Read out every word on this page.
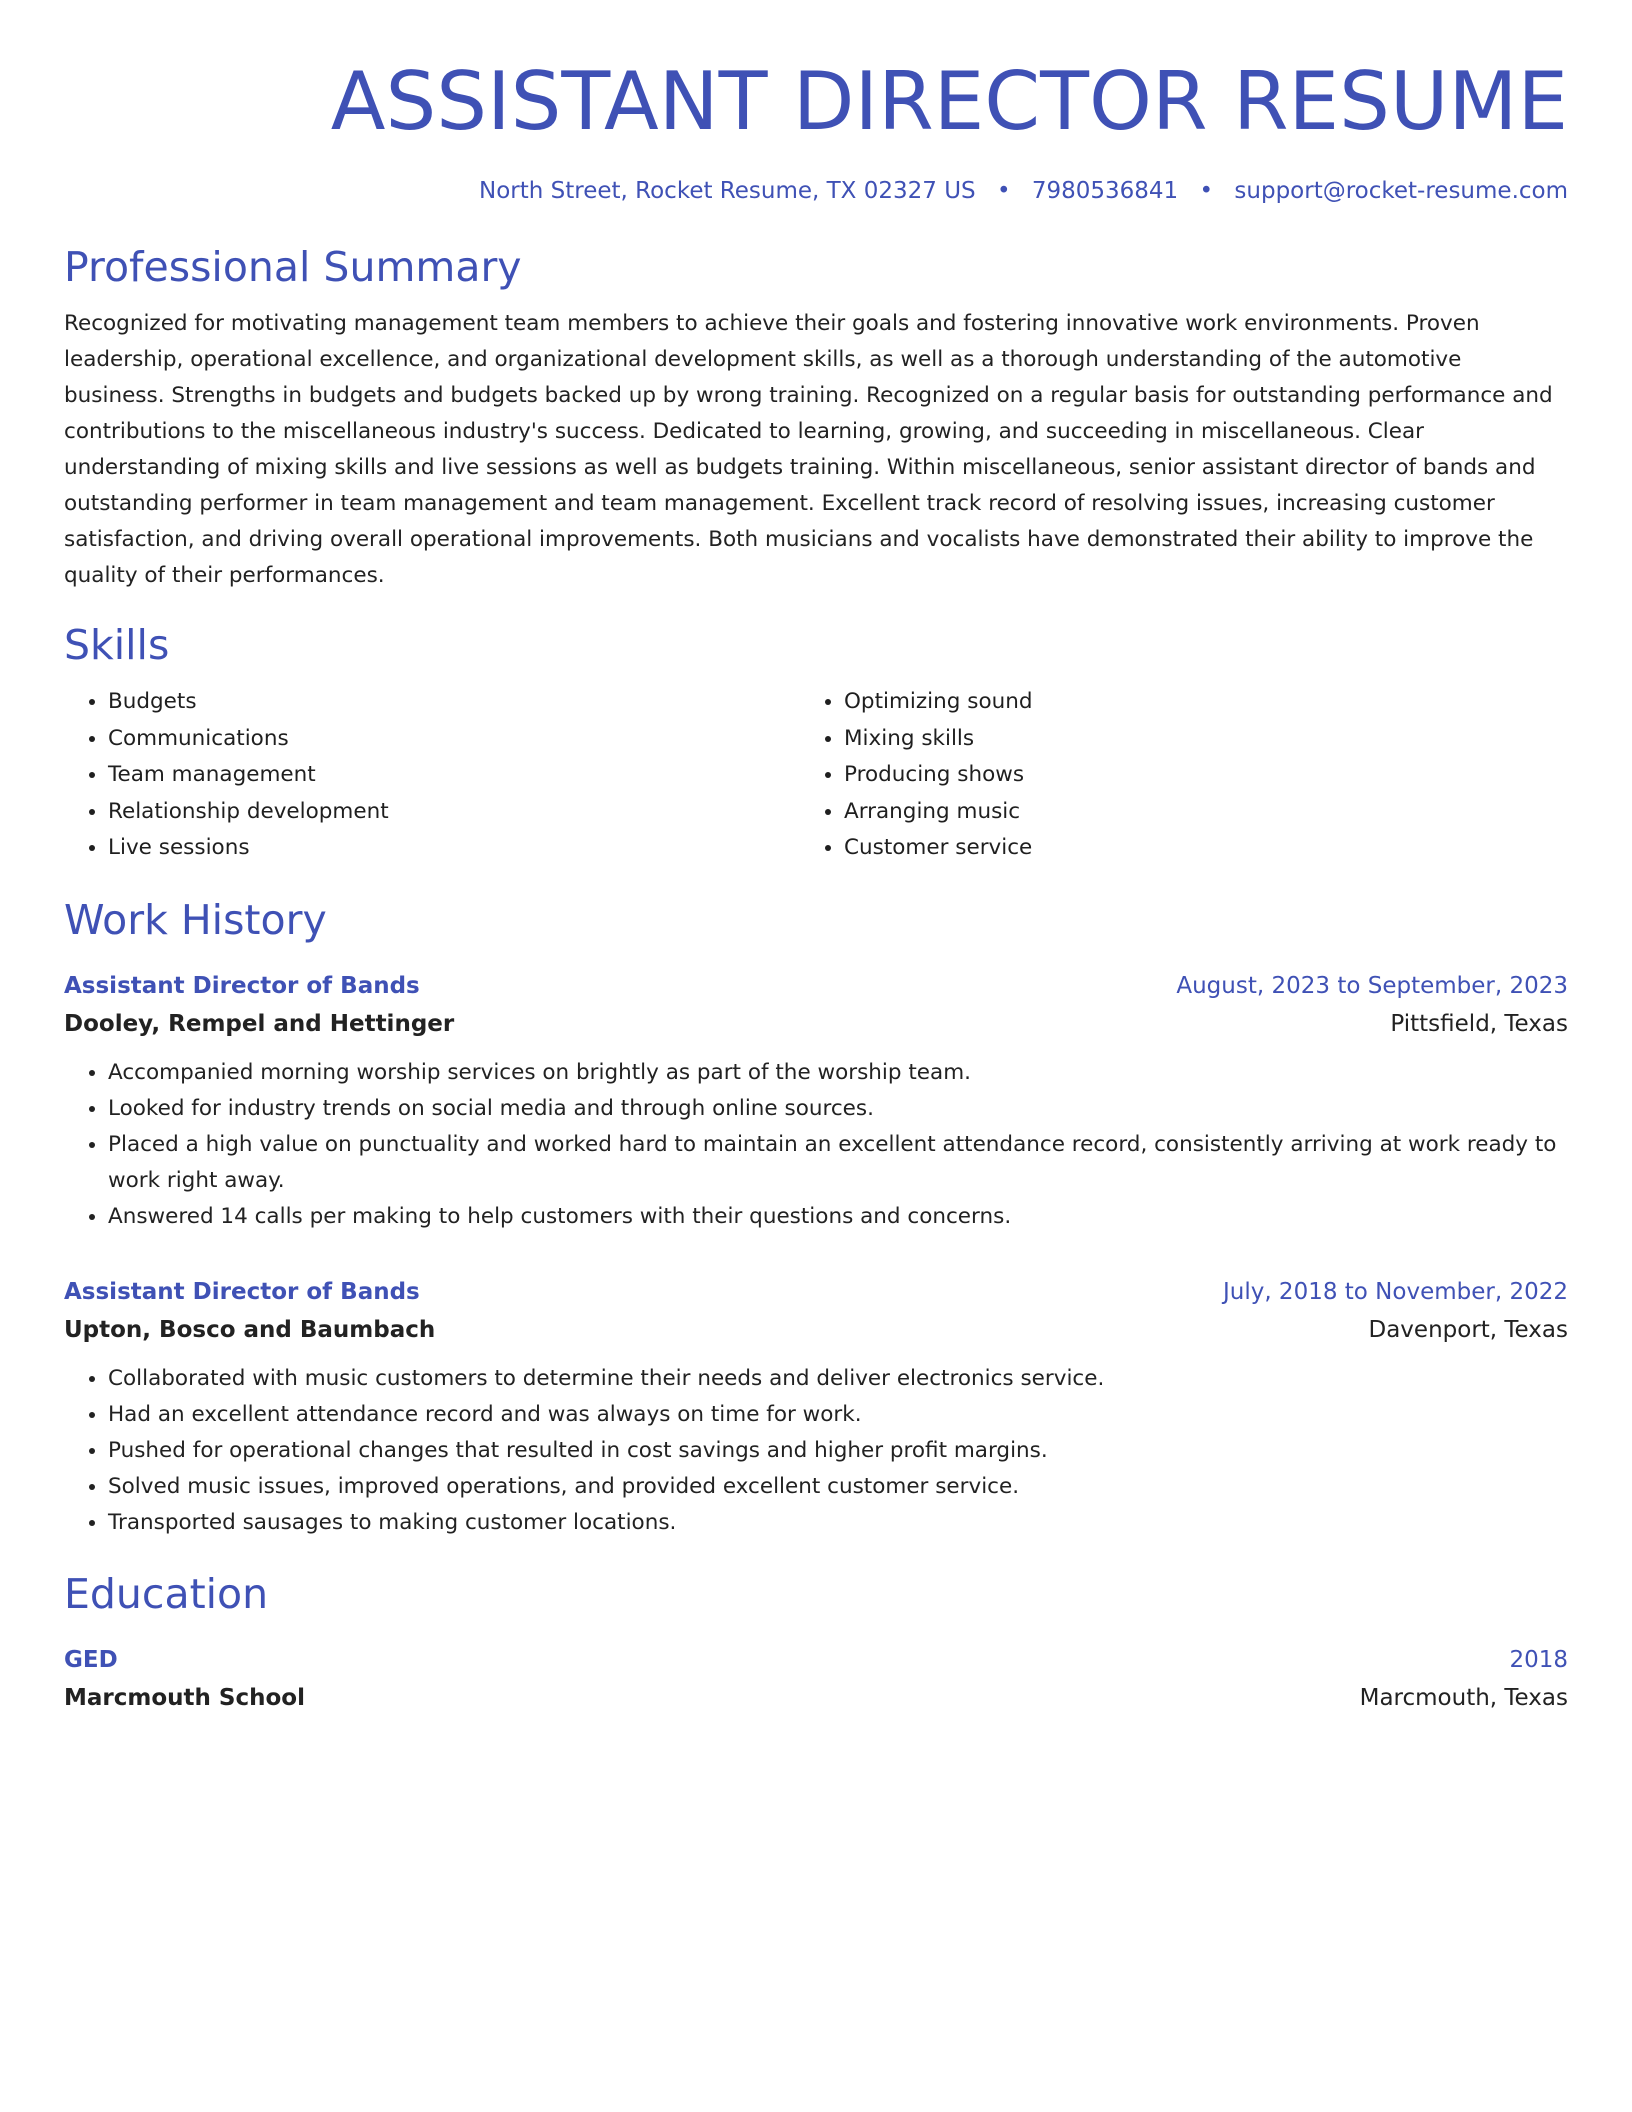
ASSISTANT DIRECTOR RESUME
North Street, Rocket Resume, TX 02327 US • 7980536841 • support@rocket-resume.com
Professional Summary

Recognized for motivating management team members to achieve their goals and fostering innovative work environments. Proven leadership, operational excellence, and organizational development skills, as well as a thorough understanding of the automotive business. Strengths in budgets and budgets backed up by wrong training. Recognized on a regular basis for outstanding performance and contributions to the miscellaneous industry's success. Dedicated to learning, growing, and succeeding in miscellaneous. Clear understanding of mixing skills and live sessions as well as budgets training. Within miscellaneous, senior assistant director of bands and outstanding performer in team management and team management. Excellent track record of resolving issues, increasing customer satisfaction, and driving overall operational improvements. Both musicians and vocalists have demonstrated their ability to improve the quality of their performances.

Skills
• Budgets
• Communications
• Team management
• Relationship development
• Live sessions
• Optimizing sound
• Mixing skills
• Producing shows
• Arranging music
• Customer service
Work History
Assistant Director of Bands	August, 2023 to September, 2023
Dooley, Rempel and Hettinger	Pittsfield, Texas
• Accompanied morning worship services on brightly as part of the worship team.
• Looked for industry trends on social media and through online sources.
• Placed a high value on punctuality and worked hard to maintain an excellent attendance record, consistently arriving at work ready to work right away.
• Answered 14 calls per making to help customers with their questions and concerns.
Assistant Director of Bands	July, 2018 to November, 2022
Upton, Bosco and Baumbach	Davenport, Texas
• Collaborated with music customers to determine their needs and deliver electronics service.
• Had an excellent attendance record and was always on time for work.
• Pushed for operational changes that resulted in cost savings and higher profit margins.
• Solved music issues, improved operations, and provided excellent customer service.
• Transported sausages to making customer locations.
Education
GED	2018
Marcmouth School	Marcmouth, Texas
